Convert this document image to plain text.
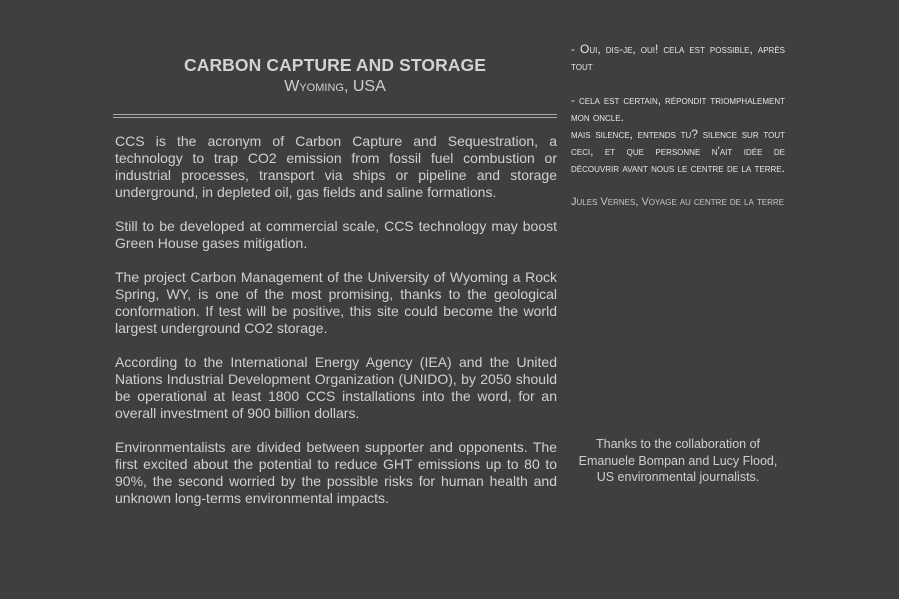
CARBON CAPTURE AND STORAGE
Wyoming, USA

CCS is the acronym of Carbon Capture and Sequestration, a technology to trap CO2 emission from fossil fuel combustion or industrial processes, transport via ships or pipeline and storage underground, in depleted oil, gas fields and saline formations.

Still to be developed at commercial scale, CCS technology may boost Green House gases mitigation.

The project Carbon Management of the University of Wyoming a Rock Spring, WY, is one of the most promising, thanks to the geological conformation. If test will be positive, this site could become the world largest underground CO2 storage.

According to the International Energy Agency (IEA) and the United Nations Industrial Development Organization (UNIDO), by 2050 should be operational at least 1800 CCS installations into the word, for an overall investment of 900 billion dollars.

Environmentalists are divided between supporter and opponents. The first excited about the potential to reduce GHT emissions up to 80 to 90%, the second worried by the possible risks for human health and unknown long-terms environmental impacts.

- Oui, dis-je, oui! cela est possible, après tout

- cela est certain, répondit triomphalement mon oncle.

mais silence, entends tu? silence sur tout ceci, et que personne n'ait idée de découvrir avant nous le centre de la terre.

Jules Vernes, Voyage au centre de la terre

Thanks to the collaboration of

Emanuele Bompan and Lucy Flood,

US environmental journalists.
